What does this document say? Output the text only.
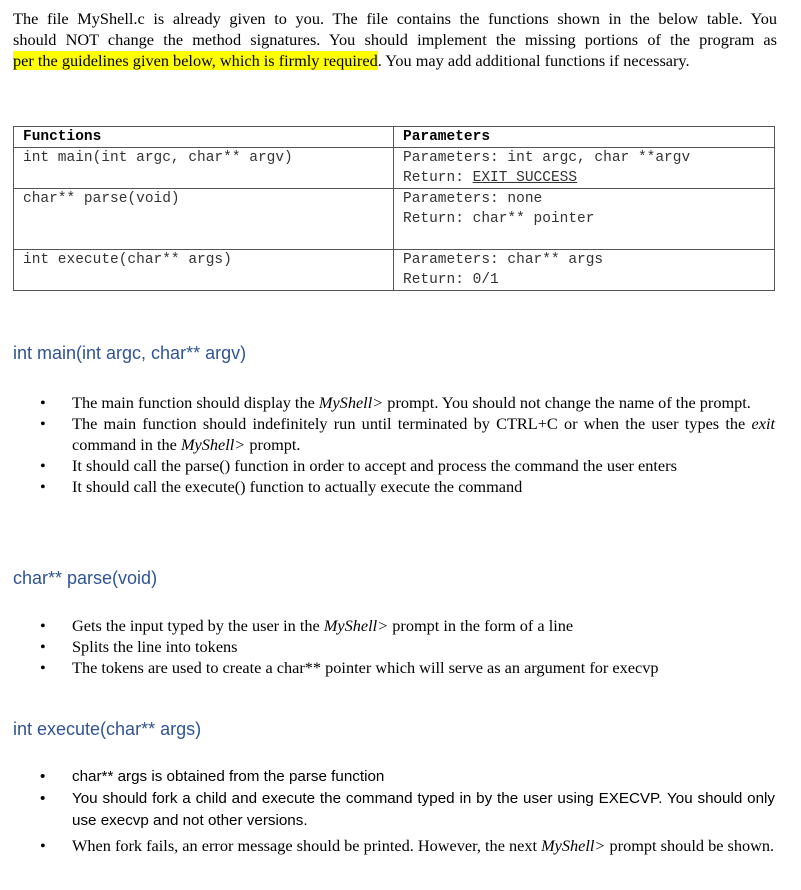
The file MyShell.c is already given to you. The file contains the functions shown in the below table. You
should NOT change the method signatures. You should implement the missing portions of the program as
per the guidelines given below, which is firmly required. You may add additional functions if necessary.
Functions	Parameters
int main(int argc, char** argv)	Parameters: int argc, char **argv
Return: EXIT_SUCCESS

char** parse(void)	Parameters: none
Return: char** pointer

int execute(char** args)	Parameters: char** args
Return: 0/1
int main(int argc, char** argv)
• The main function should display the MyShell> prompt. You should not change the name of the prompt.
• The main function should indefinitely run until terminated by CTRL+C or when the user types the exit command in the MyShell> prompt.
• It should call the parse() function in order to accept and process the command the user enters
• It should call the execute() function to actually execute the command
char** parse(void)
• Gets the input typed by the user in the MyShell> prompt in the form of a line
• Splits the line into tokens
• The tokens are used to create a char** pointer which will serve as an argument for execvp
int execute(char** args)
• char** args is obtained from the parse function
• You should fork a child and execute the command typed in by the user using EXECVP. You should only use execvp and not other versions.
• When fork fails, an error message should be printed. However, the next MyShell> prompt should be shown.
